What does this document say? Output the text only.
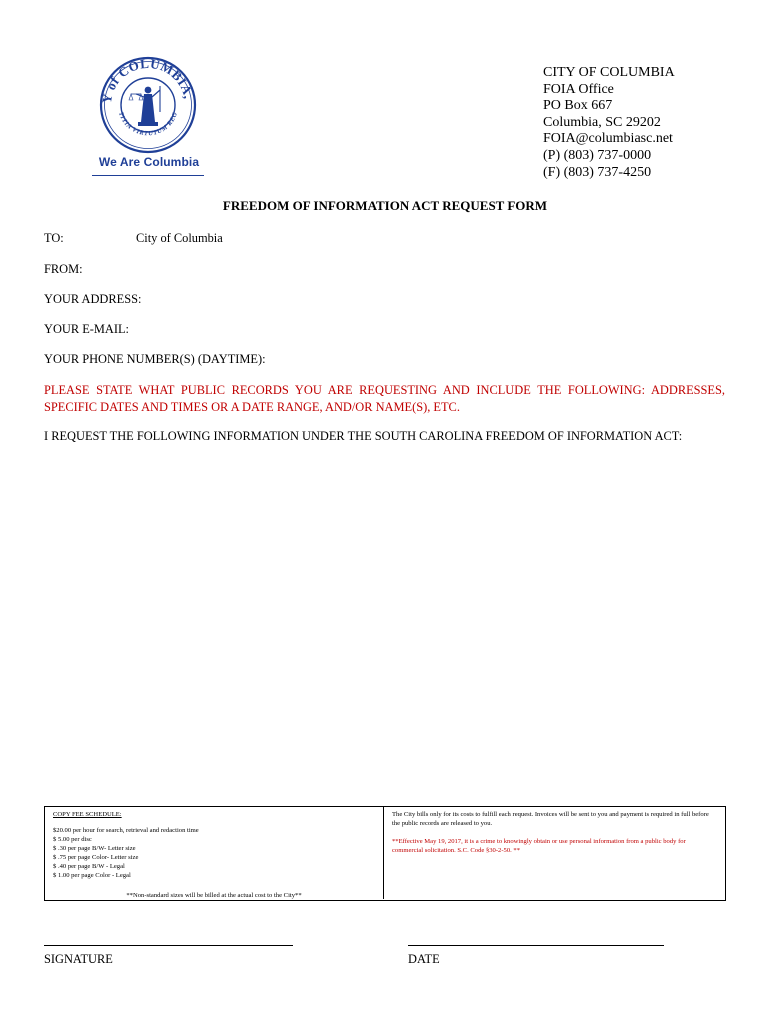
Y of COLUMBIA,
TITIA VIRTUTUM REG
We Are Columbia
CITY OF COLUMBIA
FOIA Office
PO Box 667
Columbia, SC 29202
FOIA@columbiasc.net
(P) (803) 737-0000
(F) (803) 737-4250
FREEDOM OF INFORMATION ACT REQUEST FORM
TO:	City of Columbia
FROM:
YOUR ADDRESS:
YOUR E-MAIL:
YOUR PHONE NUMBER(S) (DAYTIME):
PLEASE STATE WHAT PUBLIC RECORDS YOU ARE REQUESTING AND INCLUDE THE FOLLOWING: ADDRESSES, SPECIFIC DATES AND TIMES OR A DATE RANGE, AND/OR NAME(S), ETC.
I REQUEST THE FOLLOWING INFORMATION UNDER THE SOUTH CAROLINA FREEDOM OF INFORMATION ACT:
COPY FEE SCHEDULE:
$20.00 per hour for search, retrieval and redaction time
$ 5.00 per disc
$ .30 per page B/W- Letter size
$ .75 per page Color- Letter size
$ .40 per page B/W - Legal
$ 1.00 per page Color - Legal
**Non-standard sizes will be billed at the actual cost to the City**
The City bills only for its costs to fulfill each request. Invoices will be sent to you and payment is required in full before the public records are released to you.
**Effective May 19, 2017, it is a crime to knowingly obtain or use personal information from a public body for commercial solicitation. S.C. Code §30-2-50. **
SIGNATURE	DATE
